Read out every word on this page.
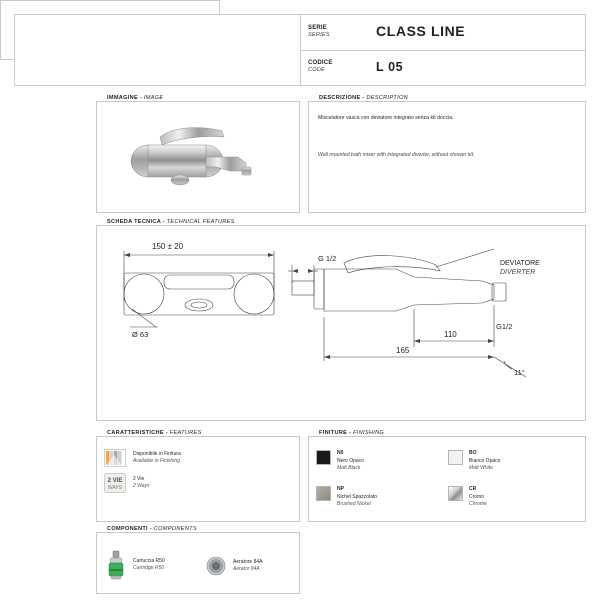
SERIE
SERIES	CLASS LINE
CODICE
CODE	L 05
IMMAGINE - IMAGE	DESCRIZIONE - DESCRIPTION
Miscelatore vasca con deviatore integrato senza kit doccia.
Wall mounted bath mixer with integrated diverter, without shower kit.
SCHEDA TECNICA - TECHNICAL FEATURES
150 ± 20
Ø 63
G 1/2
DEVIATORE
DIVERTER
110
165
G1/2
11°
CARATTERISTICHE - FEATURES
Disponibile in Finitura
Available in Finishing
2 VIE
WAYS
2 Vie
2 Ways
FINITURE - FINISHING
N0
Nero Opaco
Matt Black
BO
Bianco Opaco
Matt White
NP
Nichel Spazzolato
Brushed Nickel
CR
Cromo
Chrome
COMPONENTI - COMPONENTS
Cartuccia R50
Cartridge R50
Aeratore 84A
Aerator 84A
